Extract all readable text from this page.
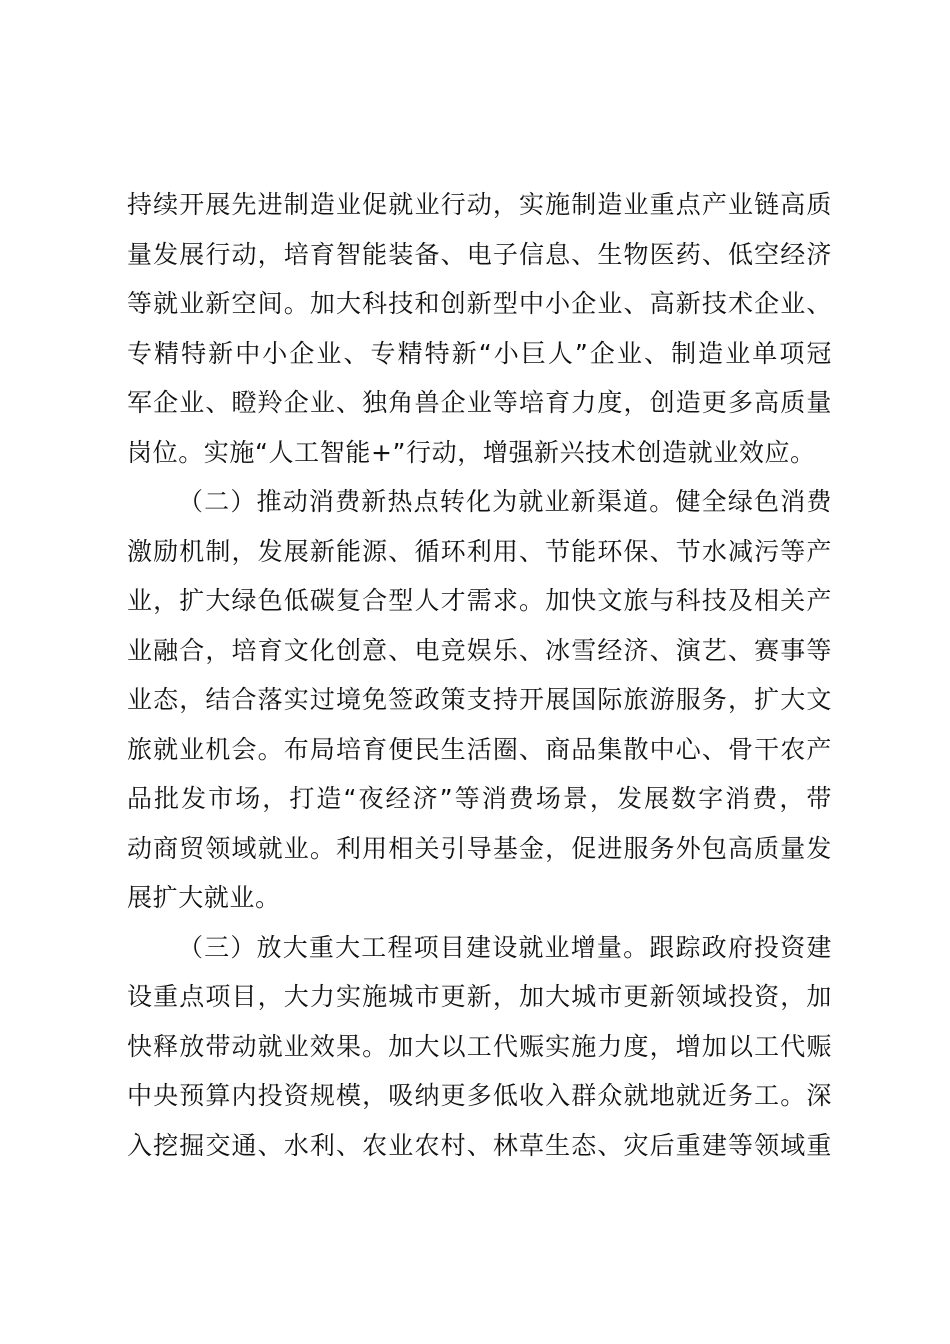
持续开展先进制造业促就业行动，实施制造业重点产业链高质
量发展行动，培育智能装备、电子信息、生物医药、低空经济
等就业新空间。加大科技和创新型中小企业、高新技术企业、
专精特新中小企业、专精特新“小巨人”企业、制造业单项冠
军企业、瞪羚企业、独角兽企业等培育力度，创造更多高质量
岗位。实施“人工智能+”行动，增强新兴技术创造就业效应。
（二）推动消费新热点转化为就业新渠道。健全绿色消费
激励机制，发展新能源、循环利用、节能环保、节水减污等产
业，扩大绿色低碳复合型人才需求。加快文旅与科技及相关产
业融合，培育文化创意、电竞娱乐、冰雪经济、演艺、赛事等
业态，结合落实过境免签政策支持开展国际旅游服务，扩大文
旅就业机会。布局培育便民生活圈、商品集散中心、骨干农产
品批发市场，打造“夜经济”等消费场景，发展数字消费，带
动商贸领域就业。利用相关引导基金，促进服务外包高质量发
展扩大就业。
（三）放大重大工程项目建设就业增量。跟踪政府投资建
设重点项目，大力实施城市更新，加大城市更新领域投资，加
快释放带动就业效果。加大以工代赈实施力度，增加以工代赈
中央预算内投资规模，吸纳更多低收入群众就地就近务工。深
入挖掘交通、水利、农业农村、林草生态、灾后重建等领域重
